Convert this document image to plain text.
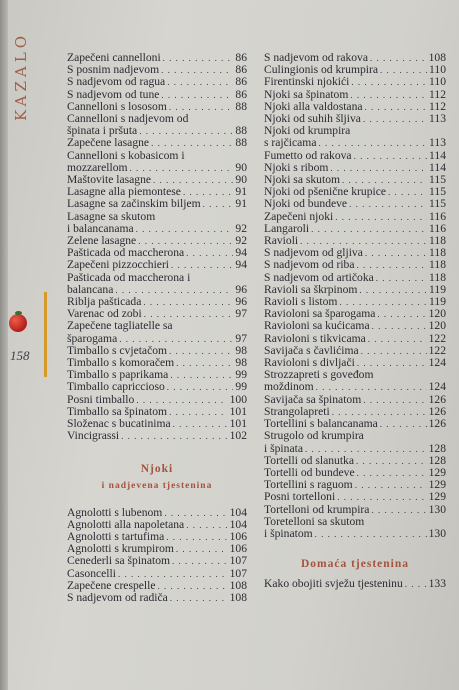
KAZALO
158
Zapečeni cannelloni . . .	86
S posnim nadjevom . . .	86
S nadjevom od ragua . . .	86
S nadjevom od tune . . .	86
Cannelloni s lososom . . .	88
Cannelloni s nadjevom od
špinata i pršuta . . .	88
Zapečene lasagne . . .	88
Cannelloni s kobasicom i
mozzarellom . . .	90
Maštovite lasagne . . .	90
Lasagne alla piemontese . . .	91
Lasagne sa začinskim biljem . . .	91
Lasagne sa skutom
i balancanama . . .	92
Zelene lasagne . . .	92
Pašticada od maccherona . . .	94
Zapečeni pizzocchieri . . .	94
Pašticada od maccherona i
balancana . . .	96
Riblja pašticada . . .	96
Varenac od zobi . . .	97
Zapečene tagliatelle sa
šparogama . . .	97
Timballo s cvjetačom . . .	98
Timballo s komoračem . . .	98
Timballo s paprikama . . .	99
Timballo capriccioso . . .	99
Posni timballo . . .	100
Timballo sa špinatom . . .	101
Složenac s bucatinima . . .	101
Vincigrassi . . .	102
Njoki
i nadjevena tjestenina
Agnolotti s lubenom . . .	104
Agnolotti alla napoletana . . .	104
Agnolotti s tartufima . . .	106
Agnolotti s krumpirom . . .	106
Cenederli sa špinatom . . .	107
Casoncelli . . .	107
Zapečene crespelle . . .	108
S nadjevom od radiča . . .	108
S nadjevom od rakova . . .	108
Culingionis od krumpira . . .	110
Firentinski njokići . . .	110
Njoki sa špinatom . . .	112
Njoki alla valdostana . . .	112
Njoki od suhih šljiva . . .	113
Njoki od krumpira
s rajčicama . . .	113
Fumetto od rakova . . .	114
Njoki s ribom . . .	114
Njoki sa skutom . . .	115
Njoki od pšenične krupice . . .	115
Njoki od bundeve . . .	115
Zapečeni njoki . . .	116
Langaroli . . .	116
Ravioli . . .	118
S nadjevom od gljiva . . .	118
S nadjevom od riba . . .	118
S nadjevom od artičoka . . .	118
Ravioli sa škrpinom . . .	119
Ravioli s listom . . .	119
Ravioloni sa šparogama . . .	120
Ravioloni sa kućicama . . .	120
Ravioloni s tikvicama . . .	122
Savijača s čavlićima . . .	122
Ravioloni s divljači . . .	124
Strozzapreti s goveđom
moždinom . . .	124
Savijača sa špinatom . . .	126
Strangolapreti . . .	126
Tortellini s balancanama . . .	126
Strugolo od krumpira
i špinata . . .	128
Tortelli od slanutka . . .	128
Tortelli od bundeve . . .	129
Tortellini s raguom . . .	129
Posni tortelloni . . .	129
Tortelloni od krumpira . . .	130
Toretelloni sa skutom
i špinatom . . .	130
Domaća tjestenina
Kako obojiti svježu tjesteninu . . . 133
